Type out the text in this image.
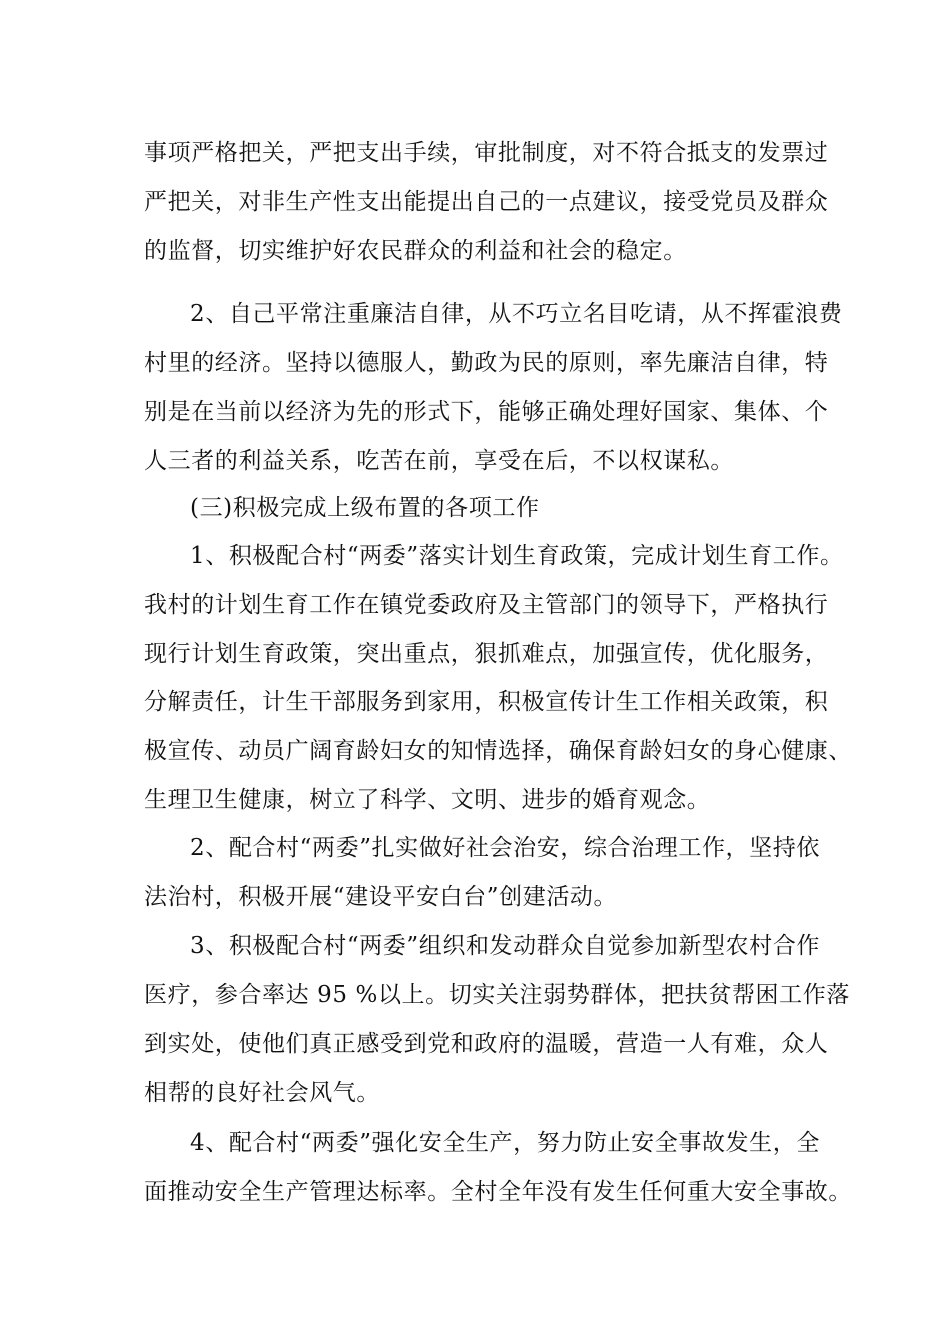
事项严格把关，严把支出手续，审批制度，对不符合抵支的发票过
严把关，对非生产性支出能提出自己的一点建议，接受党员及群众
的监督，切实维护好农民群众的利益和社会的稳定。
2、自己平常注重廉洁自律，从不巧立名目吃请，从不挥霍浪费
村里的经济。坚持以德服人，勤政为民的原则，率先廉洁自律，特
别是在当前以经济为先的形式下，能够正确处理好国家、集体、个
人三者的利益关系，吃苦在前，享受在后，不以权谋私。
(三)积极完成上级布置的各项工作
1、积极配合村“两委”落实计划生育政策，完成计划生育工作。
我村的计划生育工作在镇党委政府及主管部门的领导下，严格执行
现行计划生育政策，突出重点，狠抓难点，加强宣传，优化服务，
分解责任，计生干部服务到家用，积极宣传计生工作相关政策，积
极宣传、动员广阔育龄妇女的知情选择，确保育龄妇女的身心健康、
生理卫生健康，树立了科学、文明、进步的婚育观念。
2、配合村“两委”扎实做好社会治安，综合治理工作，坚持依
法治村，积极开展“建设平安白台”创建活动。
3、积极配合村“两委”组织和发动群众自觉参加新型农村合作
医疗，参合率达 95 %以上。切实关注弱势群体，把扶贫帮困工作落
到实处，使他们真正感受到党和政府的温暖，营造一人有难，众人
相帮的良好社会风气。
4、配合村“两委”强化安全生产，努力防止安全事故发生，全
面推动安全生产管理达标率。全村全年没有发生任何重大安全事故。
